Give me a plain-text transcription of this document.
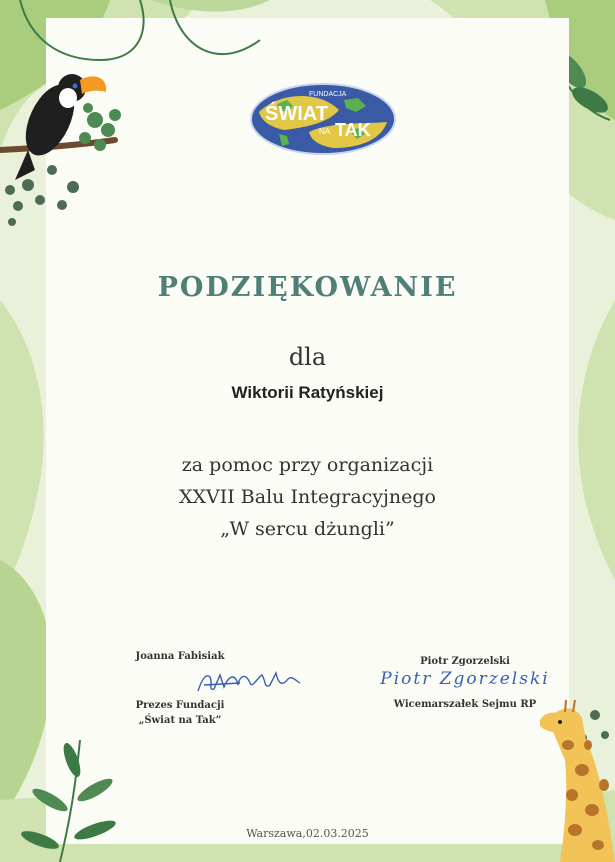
FUNDACJA
ŚWIAT
NA TAK
PODZIĘKOWANIE
dla
Wiktorii Ratyńskiej
za pomoc przy organizacji
XXVII Balu Integracyjnego
„W sercu dżungli”
Joanna Fabisiak
Prezes Fundacji
„Świat na Tak”
Piotr Zgorzelski
Piotr Zgorzelski
Wicemarszałek Sejmu RP
Warszawa,02.03.2025
